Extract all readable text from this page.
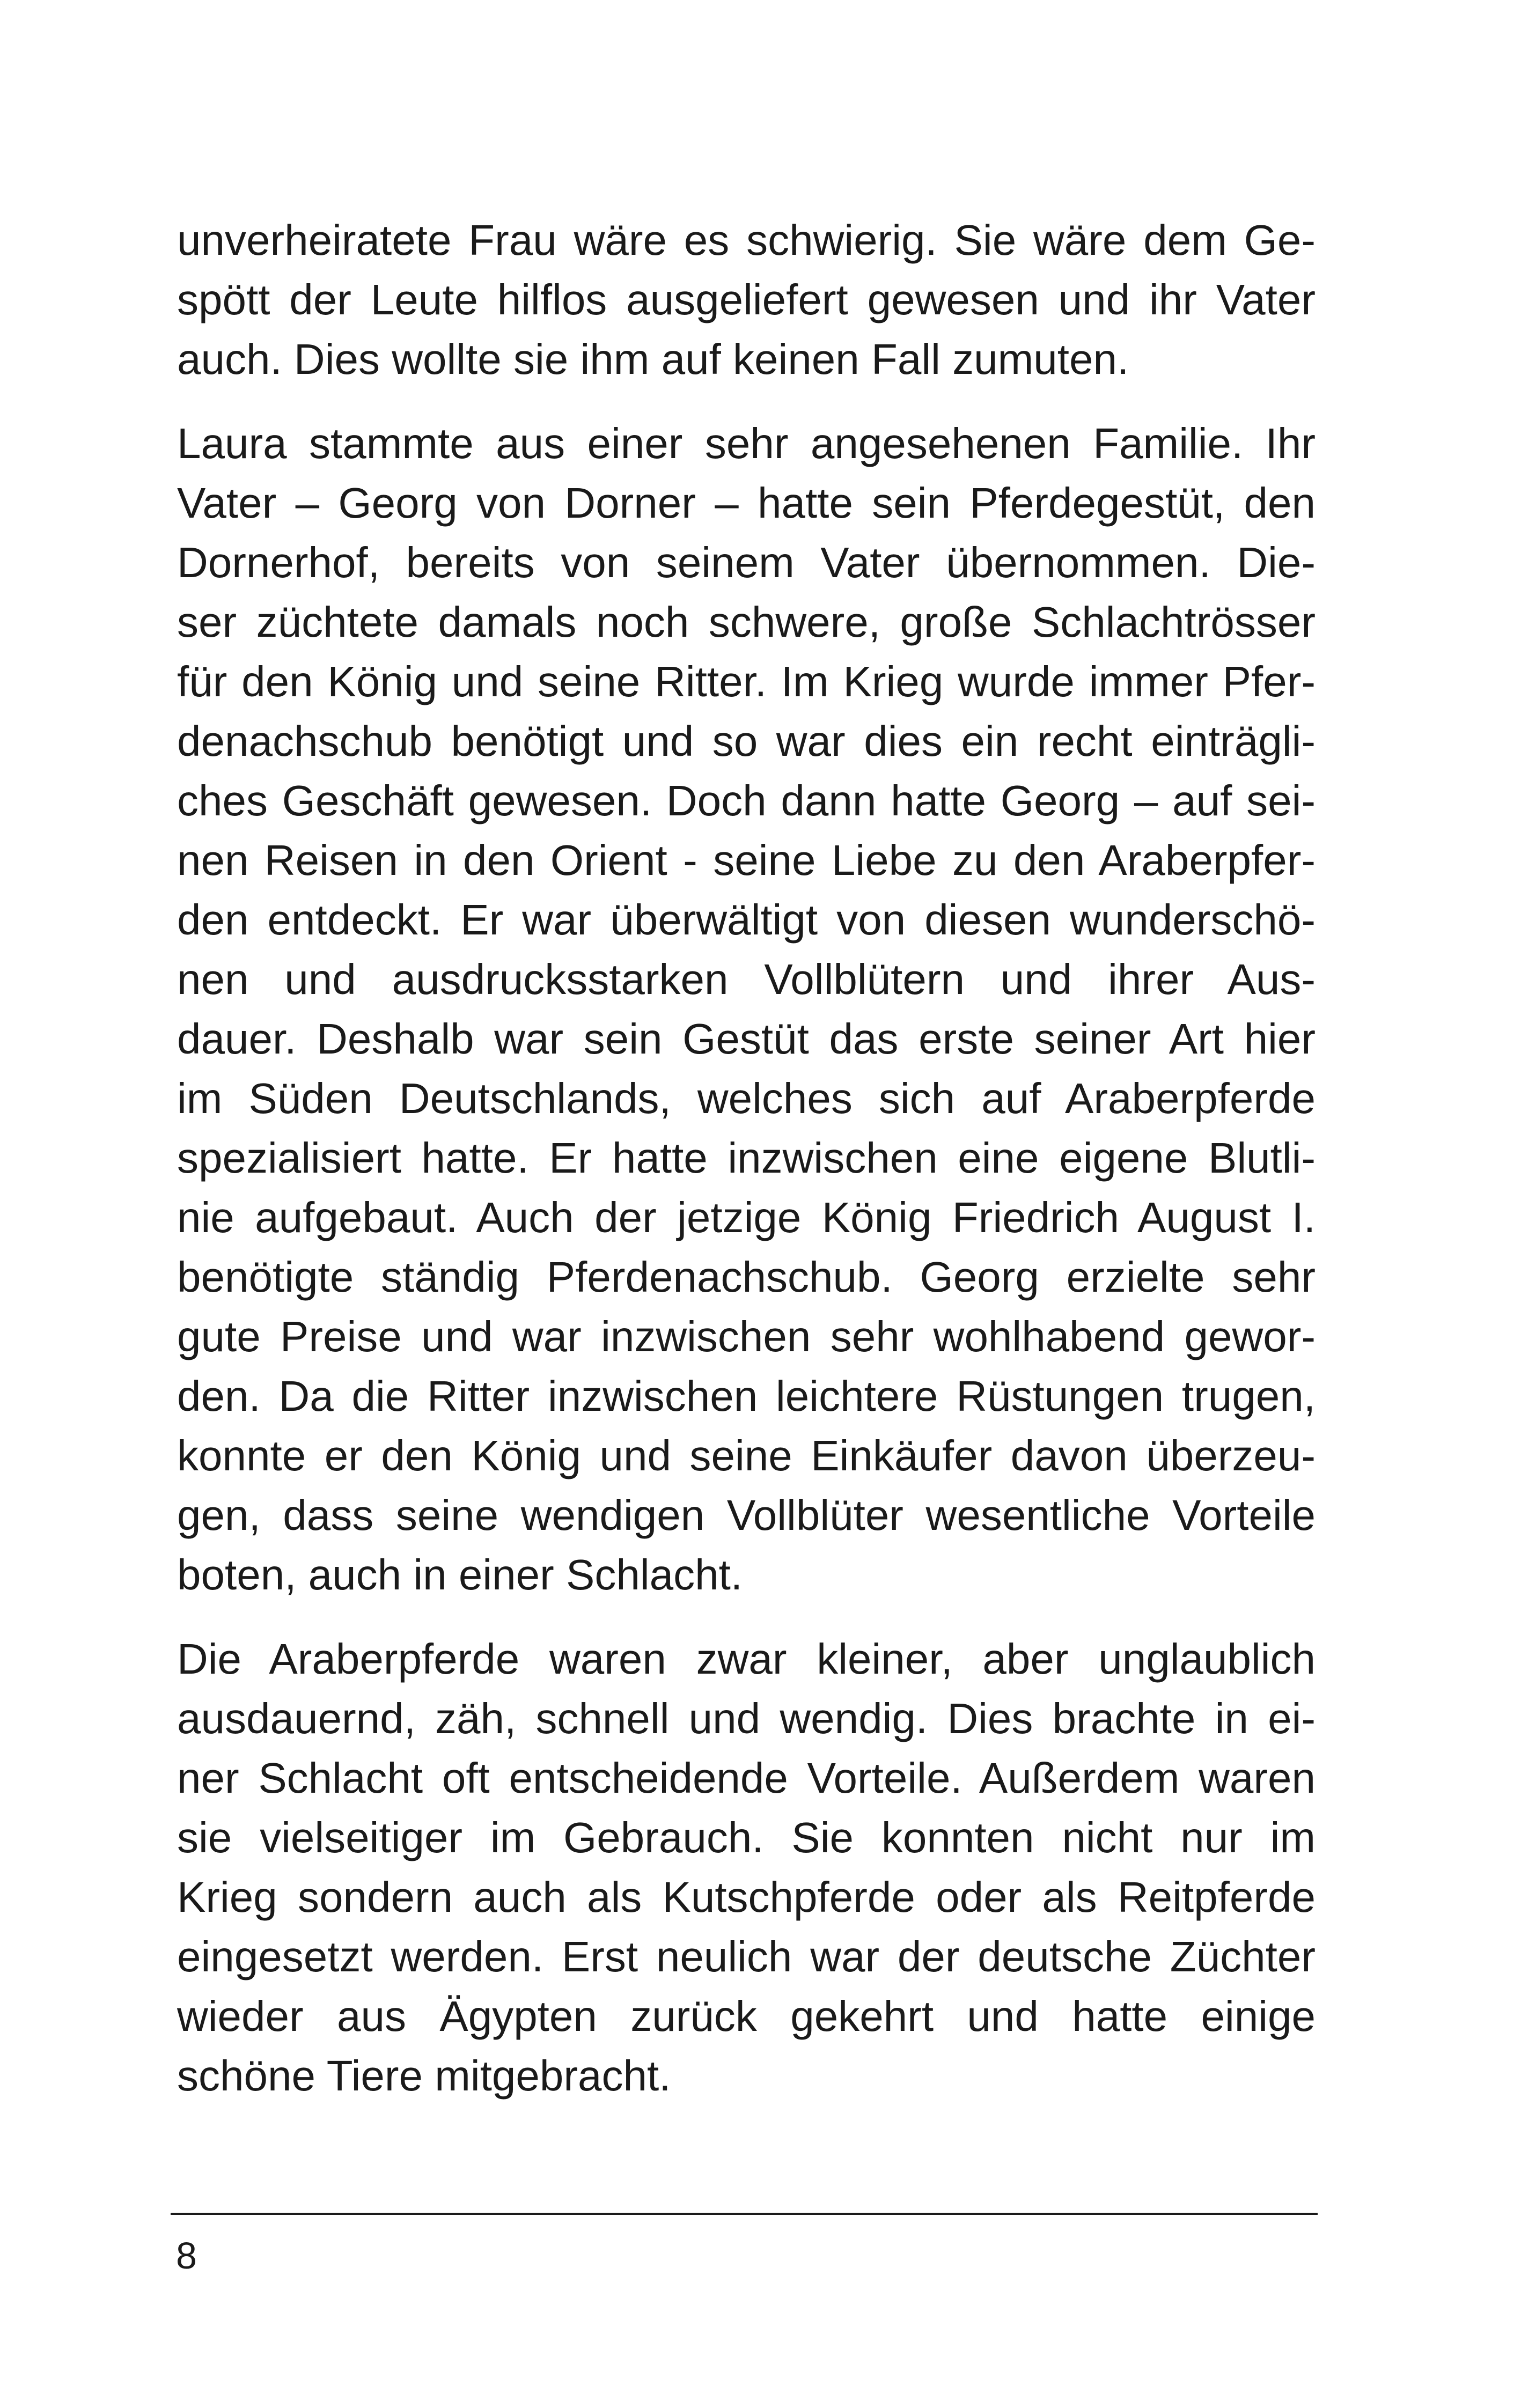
unverheiratete Frau wäre es schwierig. Sie wäre dem Ge-
spött der Leute hilflos ausgeliefert gewesen und ihr Vater
auch. Dies wollte sie ihm auf keinen Fall zumuten.

Laura stammte aus einer sehr angesehenen Familie. Ihr
Vater – Georg von Dorner – hatte sein Pferdegestüt, den
Dornerhof, bereits von seinem Vater übernommen. Die-
ser züchtete damals noch schwere, große Schlachtrösser
für den König und seine Ritter. Im Krieg wurde immer Pfer-
denachschub benötigt und so war dies ein recht einträgli-
ches Geschäft gewesen. Doch dann hatte Georg – auf sei-
nen Reisen in den Orient - seine Liebe zu den Araberpfer-
den entdeckt. Er war überwältigt von diesen wunderschö-
nen und ausdrucksstarken Vollblütern und ihrer Aus-
dauer. Deshalb war sein Gestüt das erste seiner Art hier
im Süden Deutschlands, welches sich auf Araberpferde
spezialisiert hatte. Er hatte inzwischen eine eigene Blutli-
nie aufgebaut. Auch der jetzige König Friedrich August I.
benötigte ständig Pferdenachschub. Georg erzielte sehr
gute Preise und war inzwischen sehr wohlhabend gewor-
den. Da die Ritter inzwischen leichtere Rüstungen trugen,
konnte er den König und seine Einkäufer davon überzeu-
gen, dass seine wendigen Vollblüter wesentliche Vorteile
boten, auch in einer Schlacht.

Die Araberpferde waren zwar kleiner, aber unglaublich
ausdauernd, zäh, schnell und wendig. Dies brachte in ei-
ner Schlacht oft entscheidende Vorteile. Außerdem waren
sie vielseitiger im Gebrauch. Sie konnten nicht nur im
Krieg sondern auch als Kutschpferde oder als Reitpferde
eingesetzt werden. Erst neulich war der deutsche Züchter
wieder aus Ägypten zurück gekehrt und hatte einige
schöne Tiere mitgebracht.

8
